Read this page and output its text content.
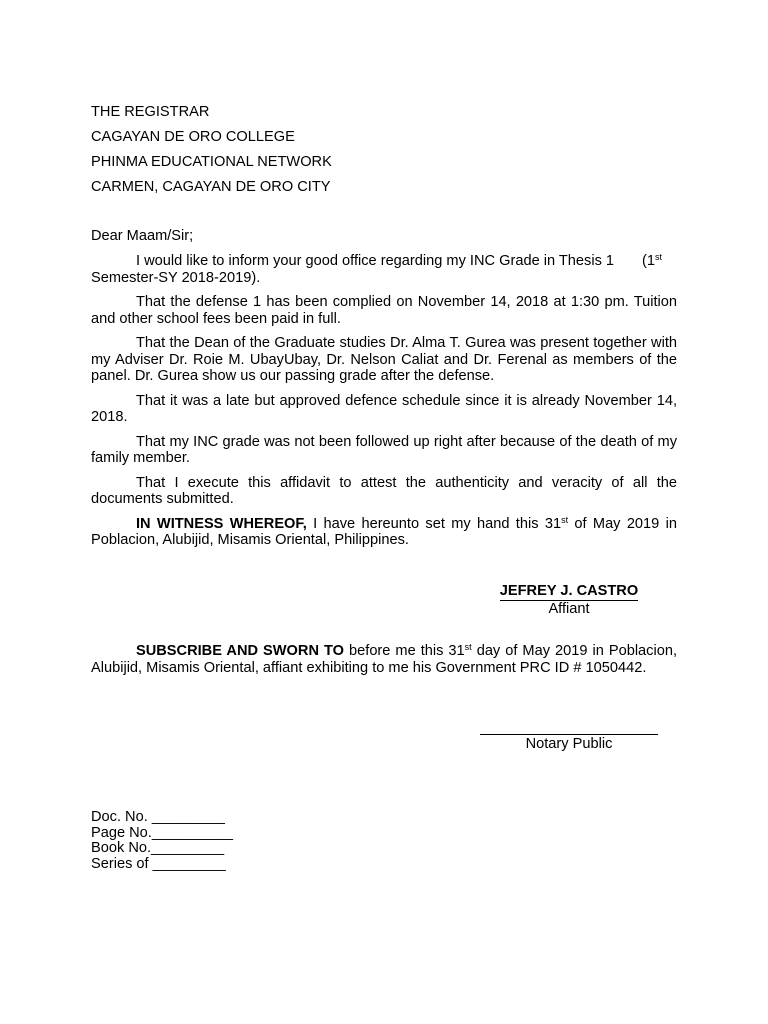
THE REGISTRAR
CAGAYAN DE ORO COLLEGE
PHINMA EDUCATIONAL NETWORK
CARMEN, CAGAYAN DE ORO CITY
Dear Maam/Sir;

I would like to inform your good office regarding my INC Grade in Thesis 1 (1st
Semester-SY 2018-2019).

That the defense 1 has been complied on November 14, 2018 at 1:30 pm. Tuition and other school fees been paid in full.

That the Dean of the Graduate studies Dr. Alma T. Gurea was present together with my Adviser Dr. Roie M. UbayUbay, Dr. Nelson Caliat and Dr. Ferenal as members of the panel. Dr. Gurea show us our passing grade after the defense.

That it was a late but approved defence schedule since it is already November 14, 2018.

That my INC grade was not been followed up right after because of the death of my family member.

That I execute this affidavit to attest the authenticity and veracity of all the documents submitted.

IN WITNESS WHEREOF, I have hereunto set my hand this 31st of May 2019 in Poblacion, Alubijid, Misamis Oriental, Philippines.

JEFREY J. CASTRO
Affiant

SUBSCRIBE AND SWORN TO before me this 31st day of May 2019 in Poblacion, Alubijid, Misamis Oriental, affiant exhibiting to me his Government PRC ID # 1050442.

Notary Public
Doc. No. _________
Page No.__________
Book No._________
Series of _________
